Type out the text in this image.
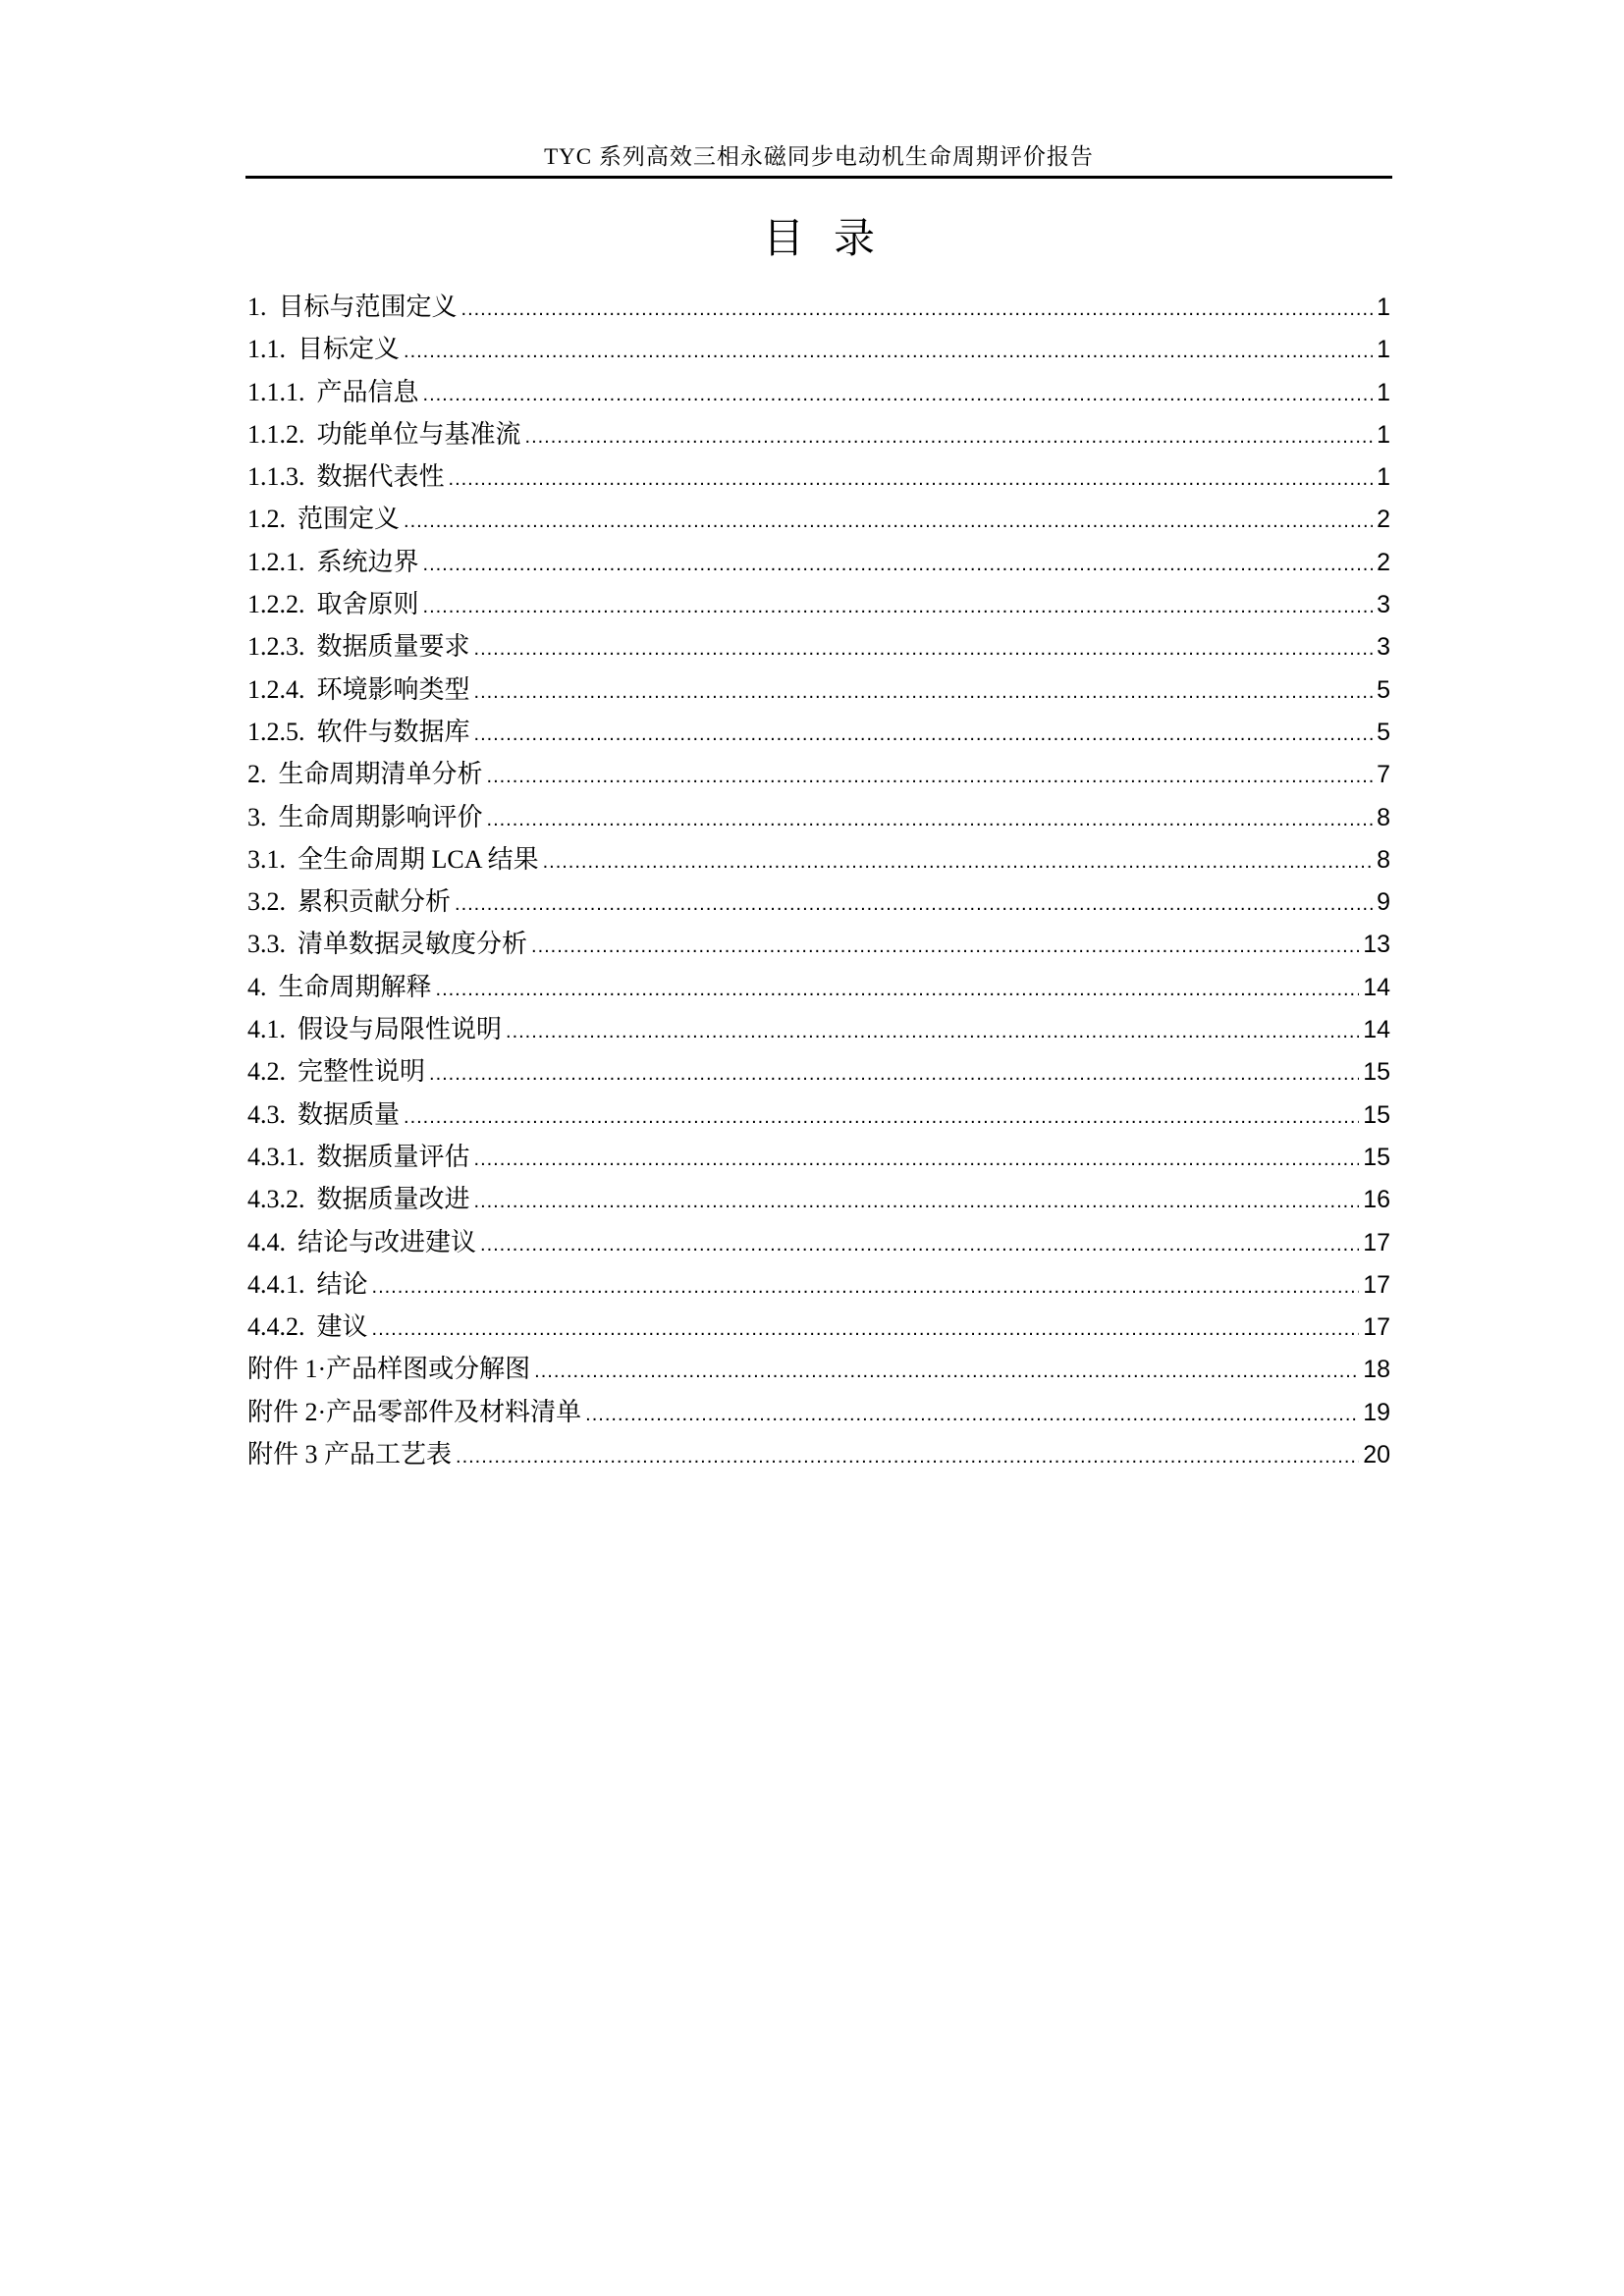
TYC 系列高效三相永磁同步电动机生命周期评价报告
目录
1. 目标与范围定义 .....	1
1.1. 目标定义 .....	1
1.1.1. 产品信息 .....	1
1.1.2. 功能单位与基准流 .....	1
1.1.3. 数据代表性 .....	1
1.2. 范围定义 .....	2
1.2.1. 系统边界 .....	2
1.2.2. 取舍原则 .....	3
1.2.3. 数据质量要求 .....	3
1.2.4. 环境影响类型 .....	5
1.2.5. 软件与数据库 .....	5
2. 生命周期清单分析 .....	7
3. 生命周期影响评价 .....	8
3.1. 全生命周期 LCA 结果 .....	8
3.2. 累积贡献分析 .....	9
3.3. 清单数据灵敏度分析 .....	13
4. 生命周期解释 .....	14
4.1. 假设与局限性说明 .....	14
4.2. 完整性说明 .....	15
4.3. 数据质量 .....	15
4.3.1. 数据质量评估 .....	15
4.3.2. 数据质量改进 .....	16
4.4. 结论与改进建议 .....	17
4.4.1. 结论 .....	17
4.4.2. 建议 .....	17
附件 1·产品样图或分解图 .....	18
附件 2·产品零部件及材料清单 .....	19
附件 3 产品工艺表 .....	20
